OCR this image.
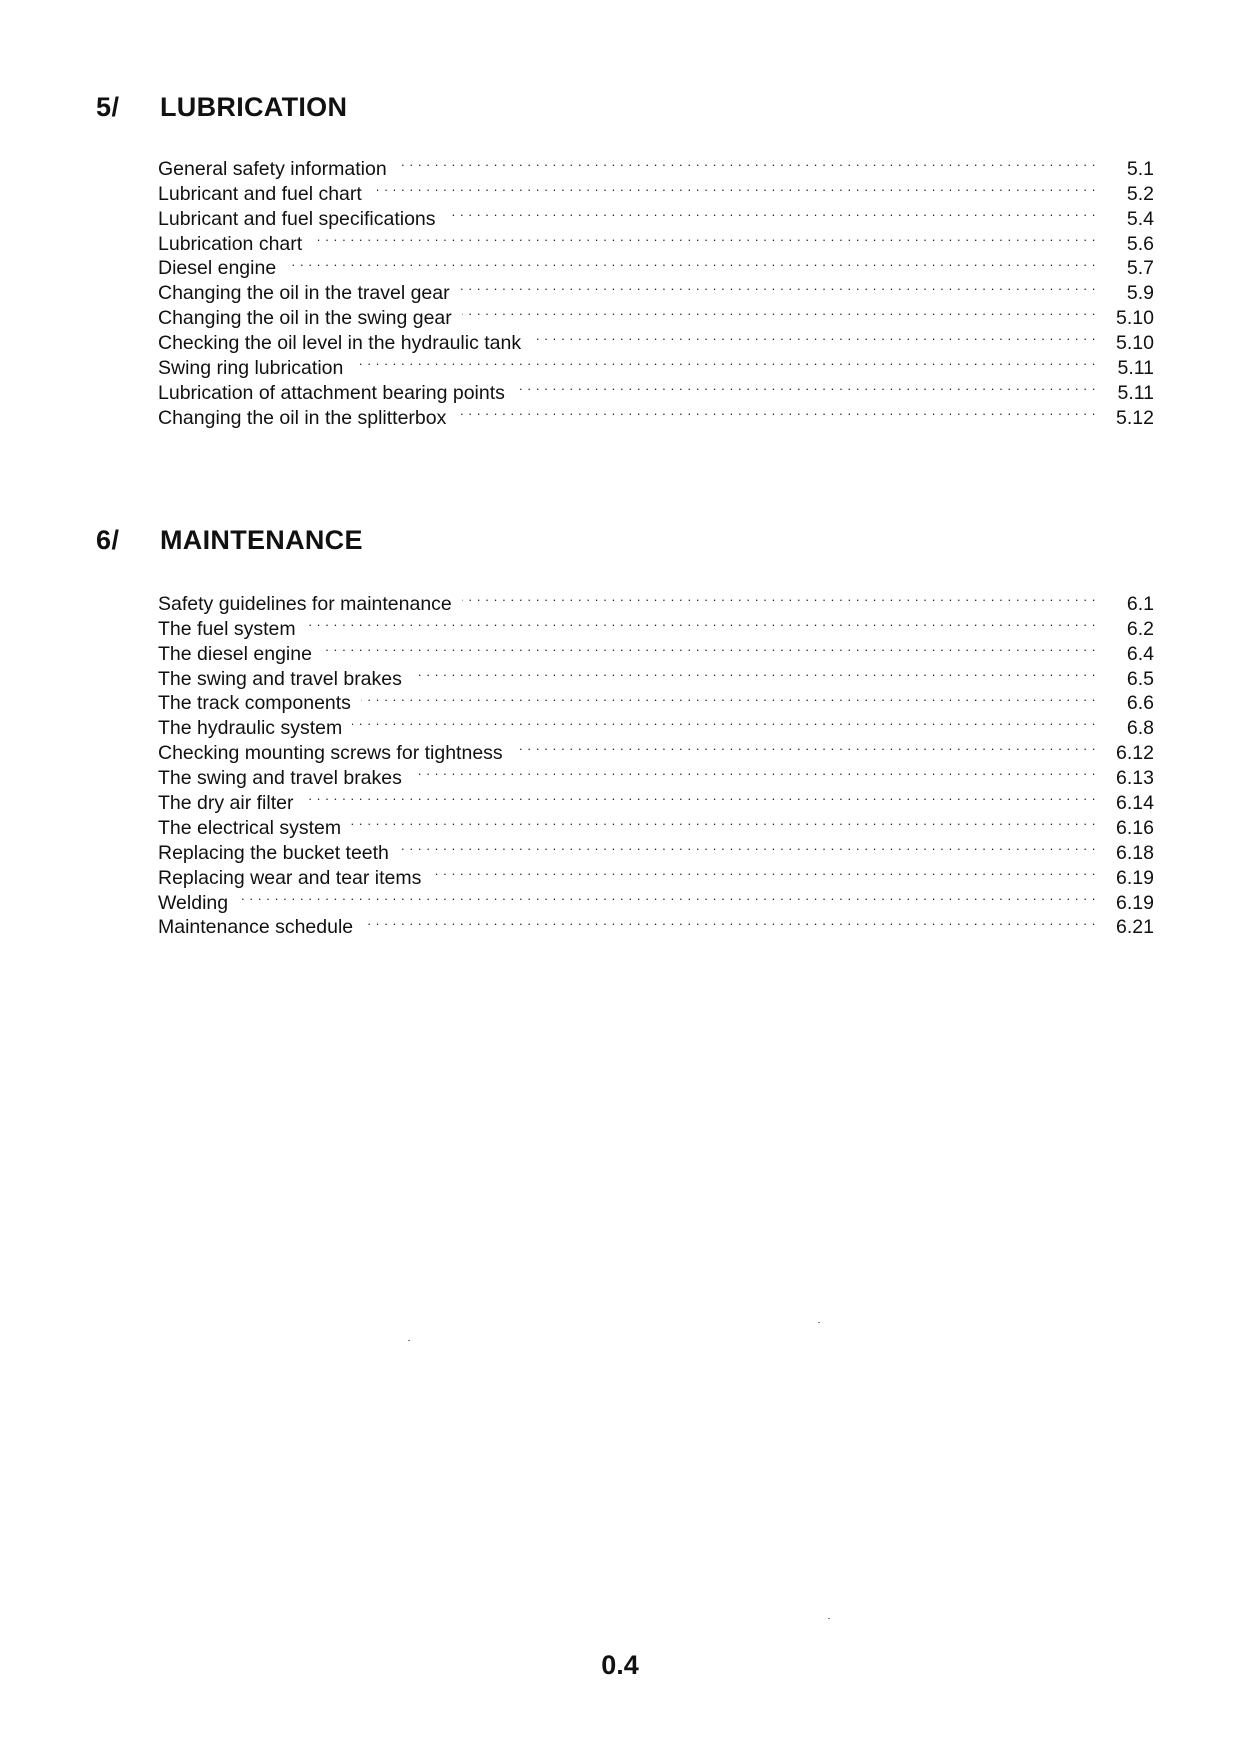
5/ LUBRICATION
General safety information . . .	5.1
Lubricant and fuel chart . . .	5.2
Lubricant and fuel specifications . . .	5.4
Lubrication chart . . .	5.6
Diesel engine . . .	5.7
Changing the oil in the travel gear . . .	5.9
Changing the oil in the swing gear . . .	5.10
Checking the oil level in the hydraulic tank . . .	5.10
Swing ring lubrication . . .	5.11
Lubrication of attachment bearing points . . .	5.11
Changing the oil in the splitterbox . . .	5.12
6/ MAINTENANCE
Safety guidelines for maintenance . . .	6.1
The fuel system . . .	6.2
The diesel engine . . .	6.4
The swing and travel brakes . . .	6.5
The track components . . .	6.6
The hydraulic system . . .	6.8
Checking mounting screws for tightness . . .	6.12
The swing and travel brakes . . .	6.13
The dry air filter . . .	6.14
The electrical system . . .	6.16
Replacing the bucket teeth . . .	6.18
Replacing wear and tear items . . .	6.19
Welding . . .	6.19
Maintenance schedule . . .	6.21
0.4
